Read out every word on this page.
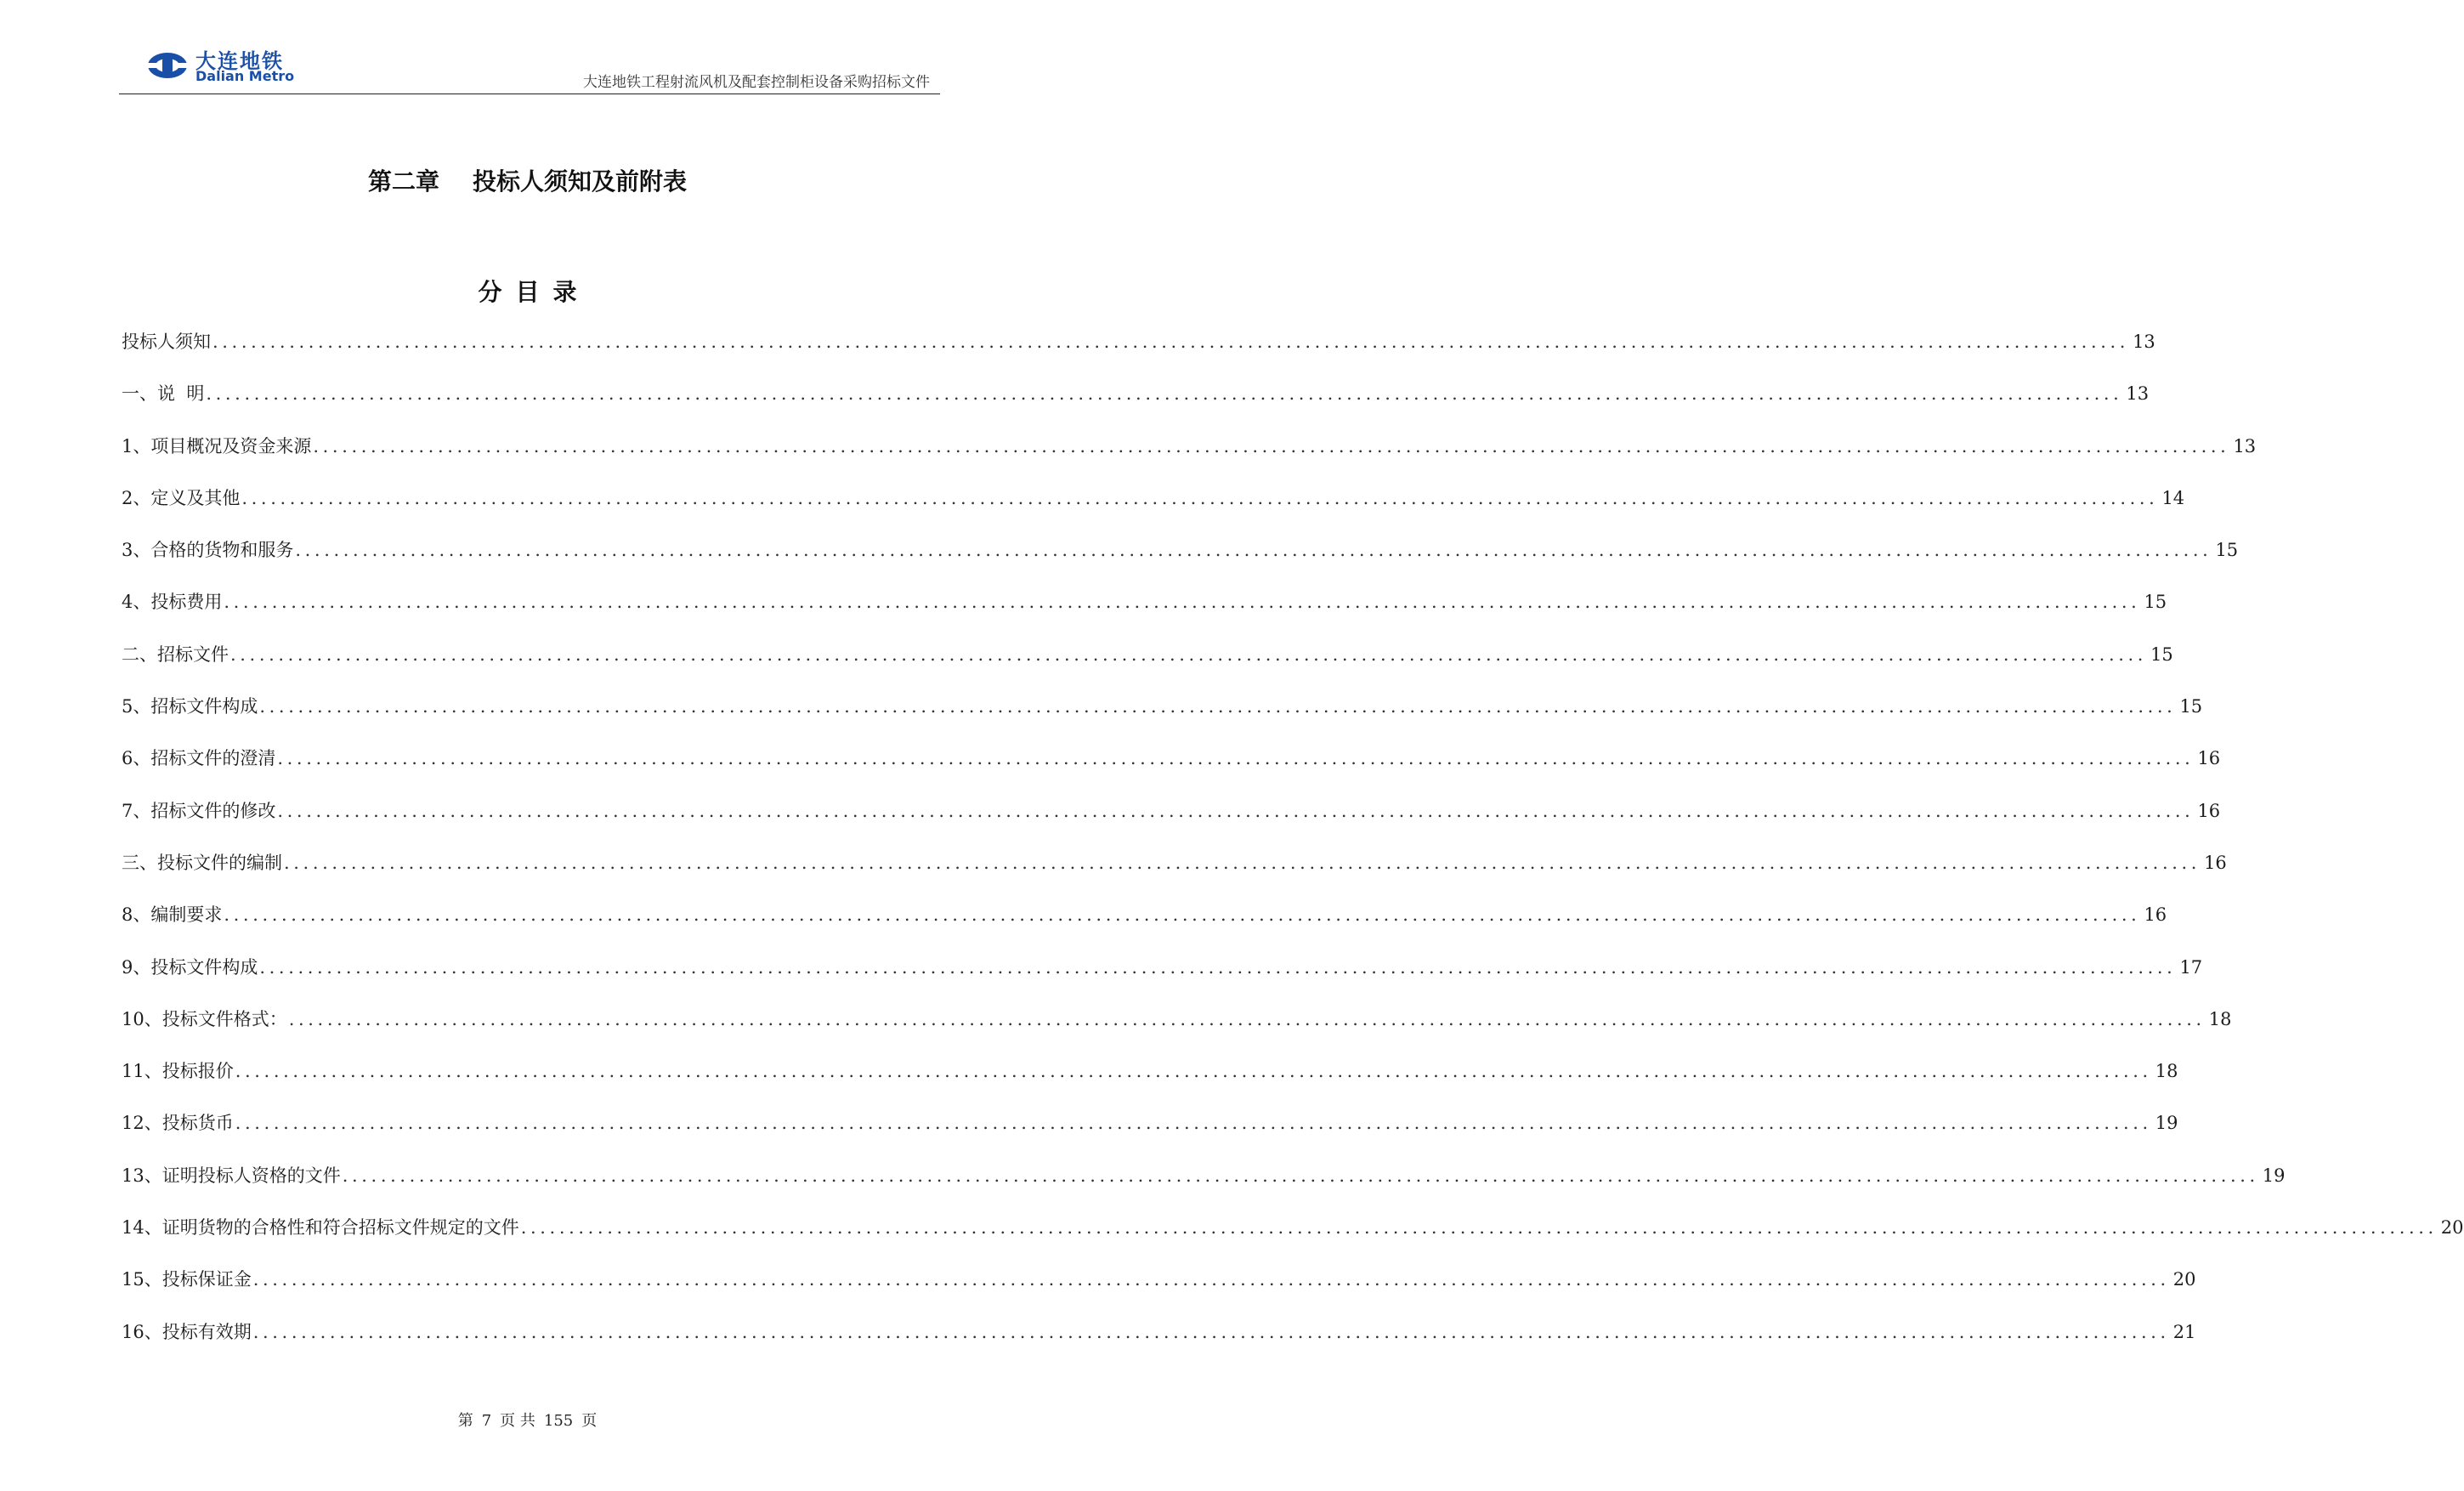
大连地铁
Dalian Metro	大连地铁工程射流风机及配套控制柜设备采购招标文件
第二章    投标人须知及前附表
分目录
投标人须知 ........................................................................................................................................................................................................ 13
一、说  明 ........................................................................................................................................................................................................ 13
1、项目概况及资金来源 ........................................................................................................................................................................................................ 13
2、定义及其他 ........................................................................................................................................................................................................ 14
3、合格的货物和服务 ........................................................................................................................................................................................................ 15
4、投标费用 ........................................................................................................................................................................................................ 15
二、招标文件 ........................................................................................................................................................................................................ 15
5、招标文件构成 ........................................................................................................................................................................................................ 15
6、招标文件的澄清 ........................................................................................................................................................................................................ 16
7、招标文件的修改 ........................................................................................................................................................................................................ 16
三、投标文件的编制 ........................................................................................................................................................................................................ 16
8、编制要求 ........................................................................................................................................................................................................ 16
9、投标文件构成 ........................................................................................................................................................................................................ 17
10、投标文件格式： ........................................................................................................................................................................................................ 18
11、投标报价 ........................................................................................................................................................................................................ 18
12、投标货币 ........................................................................................................................................................................................................ 19
13、证明投标人资格的文件 ........................................................................................................................................................................................................ 19
14、证明货物的合格性和符合招标文件规定的文件 ........................................................................................................................................................................................................ 20
15、投标保证金 ........................................................................................................................................................................................................ 20
16、投标有效期 ........................................................................................................................................................................................................ 21
第 7 页 共 155 页
